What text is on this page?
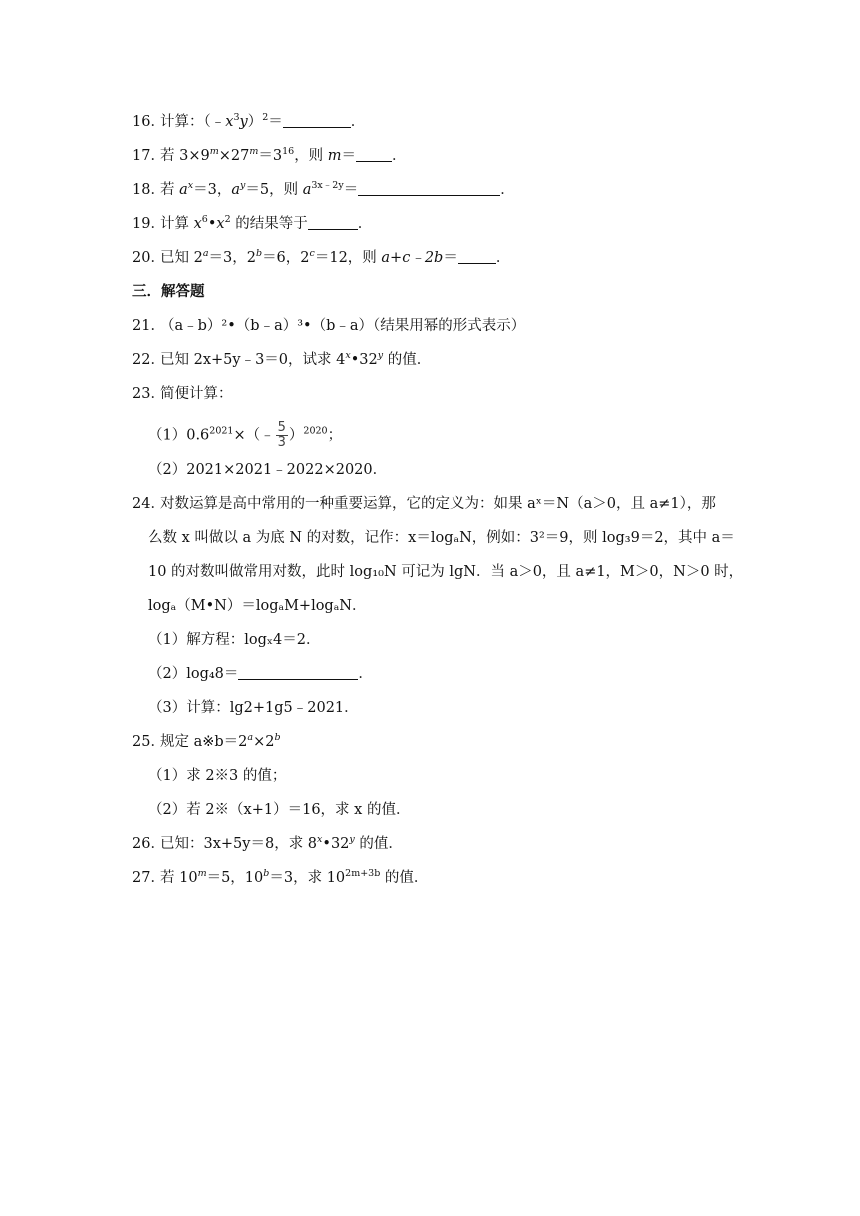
16．
计算：$(﹣x^3y)^2=$	．
17．
若 $3\times 9^m\times 27^m=3^{16}$，则 m＝ ．
18．
若 $a^x=3$，$a^y=5$，则 $a^{3x﹣2y}=$	．
19．
计算 $x^6•x^2$ 的结果等于	．
20．
已知 $2^a=3$，$2^b=6$，$2^c=12$，则 a+c﹣2b＝	．
三．解答题
21．
（a﹣b）²•（b﹣a）³•（b﹣a）（结果用幂的形式表示）
22．
已知 2x+5y﹣3＝0，试求 4$^x$•32$^y$ 的值．
23．
简便计算：
$(1)0.6^{2021}\times(﹣ \frac{5}{3} )^{2020}$；
（2）2021×2021﹣2022×2020．
24．
对数运算是高中常用的一种重要运算，它的定义为：如果 aˣ＝N（a＞0，且 a≠1），那
么数 x 叫做以 a 为底 N 的对数，记作：x＝logₐN，例如：3²＝9，则 log₃9＝2，其中 a＝
10 的对数叫做常用对数，此时 log₁₀N 可记为 lgN．当 a＞0，且 a≠1，M＞0，N＞0 时，
logₐ（M•N）＝logₐM+logₐN．
（1）解方程：logₓ4＝2．
（2）log₄8＝	．
（3）计算：lg2+1g5﹣2021．
25．
规定 $a※b=2^a\times 2^b$
（1）求 2※3 的值；
（2）若 2※（x+1）＝16，求 x 的值．
26．
已知：3x+5y＝8，求 8$^x$•32$^y$ 的值．
27．
若 $10^m=5$，$10^b=3$，求 $10^{2m+3b}$ 的值．
